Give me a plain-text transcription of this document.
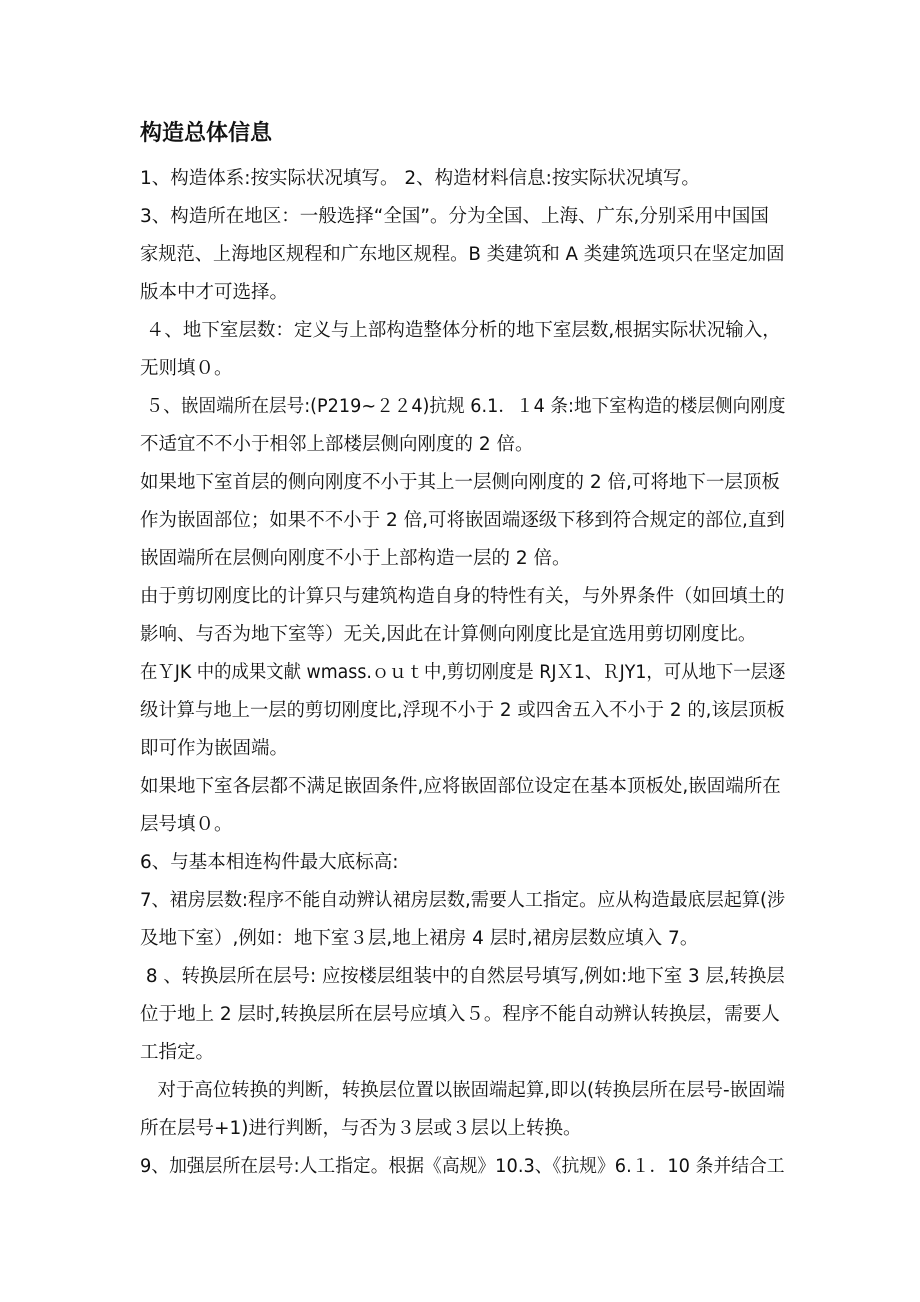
构造总体信息
1、构造体系:按实际状况填写。 2、构造材料信息:按实际状况填写。
3、构造所在地区：一般选择“全国”。分为全国、上海、广东,分别采用中国国
家规范、上海地区规程和广东地区规程。B 类建筑和 A 类建筑选项只在坚定加固
版本中才可选择。
４、地下室层数：定义与上部构造整体分析的地下室层数,根据实际状况输入，
无则填０。
５、嵌固端所在层号:(P219~２２4)抗规 6.1．１4 条:地下室构造的楼层侧向刚度
不适宜不不小于相邻上部楼层侧向刚度的 2 倍。
如果地下室首层的侧向刚度不小于其上一层侧向刚度的 2 倍,可将地下一层顶板
作为嵌固部位；如果不不小于 2 倍,可将嵌固端逐级下移到符合规定的部位,直到
嵌固端所在层侧向刚度不小于上部构造一层的 2 倍。
由于剪切刚度比的计算只与建筑构造自身的特性有关，与外界条件（如回填土的
影响、与否为地下室等）无关,因此在计算侧向刚度比是宜选用剪切刚度比。
在ＹJK 中的成果文献 wmass.ｏｕｔ中,剪切刚度是 RJＸ1、ＲJY1，可从地下一层逐
级计算与地上一层的剪切刚度比,浮现不小于 2 或四舍五入不小于 2 的,该层顶板
即可作为嵌固端。
如果地下室各层都不满足嵌固条件,应将嵌固部位设定在基本顶板处,嵌固端所在
层号填０。
6、与基本相连构件最大底标高:
7、裙房层数:程序不能自动辨认裙房层数,需要人工指定。应从构造最底层起算(涉
及地下室）,例如：地下室３层,地上裙房 4 层时,裙房层数应填入 7。
8 、转换层所在层号: 应按楼层组装中的自然层号填写,例如:地下室 3 层,转换层
位于地上 2 层时,转换层所在层号应填入５。程序不能自动辨认转换层，需要人
工指定。
对于高位转换的判断，转换层位置以嵌固端起算,即以(转换层所在层号-嵌固端
所在层号+1)进行判断，与否为３层或３层以上转换。
9、加强层所在层号:人工指定。根据《高规》10.3、《抗规》6.１．10 条并结合工
